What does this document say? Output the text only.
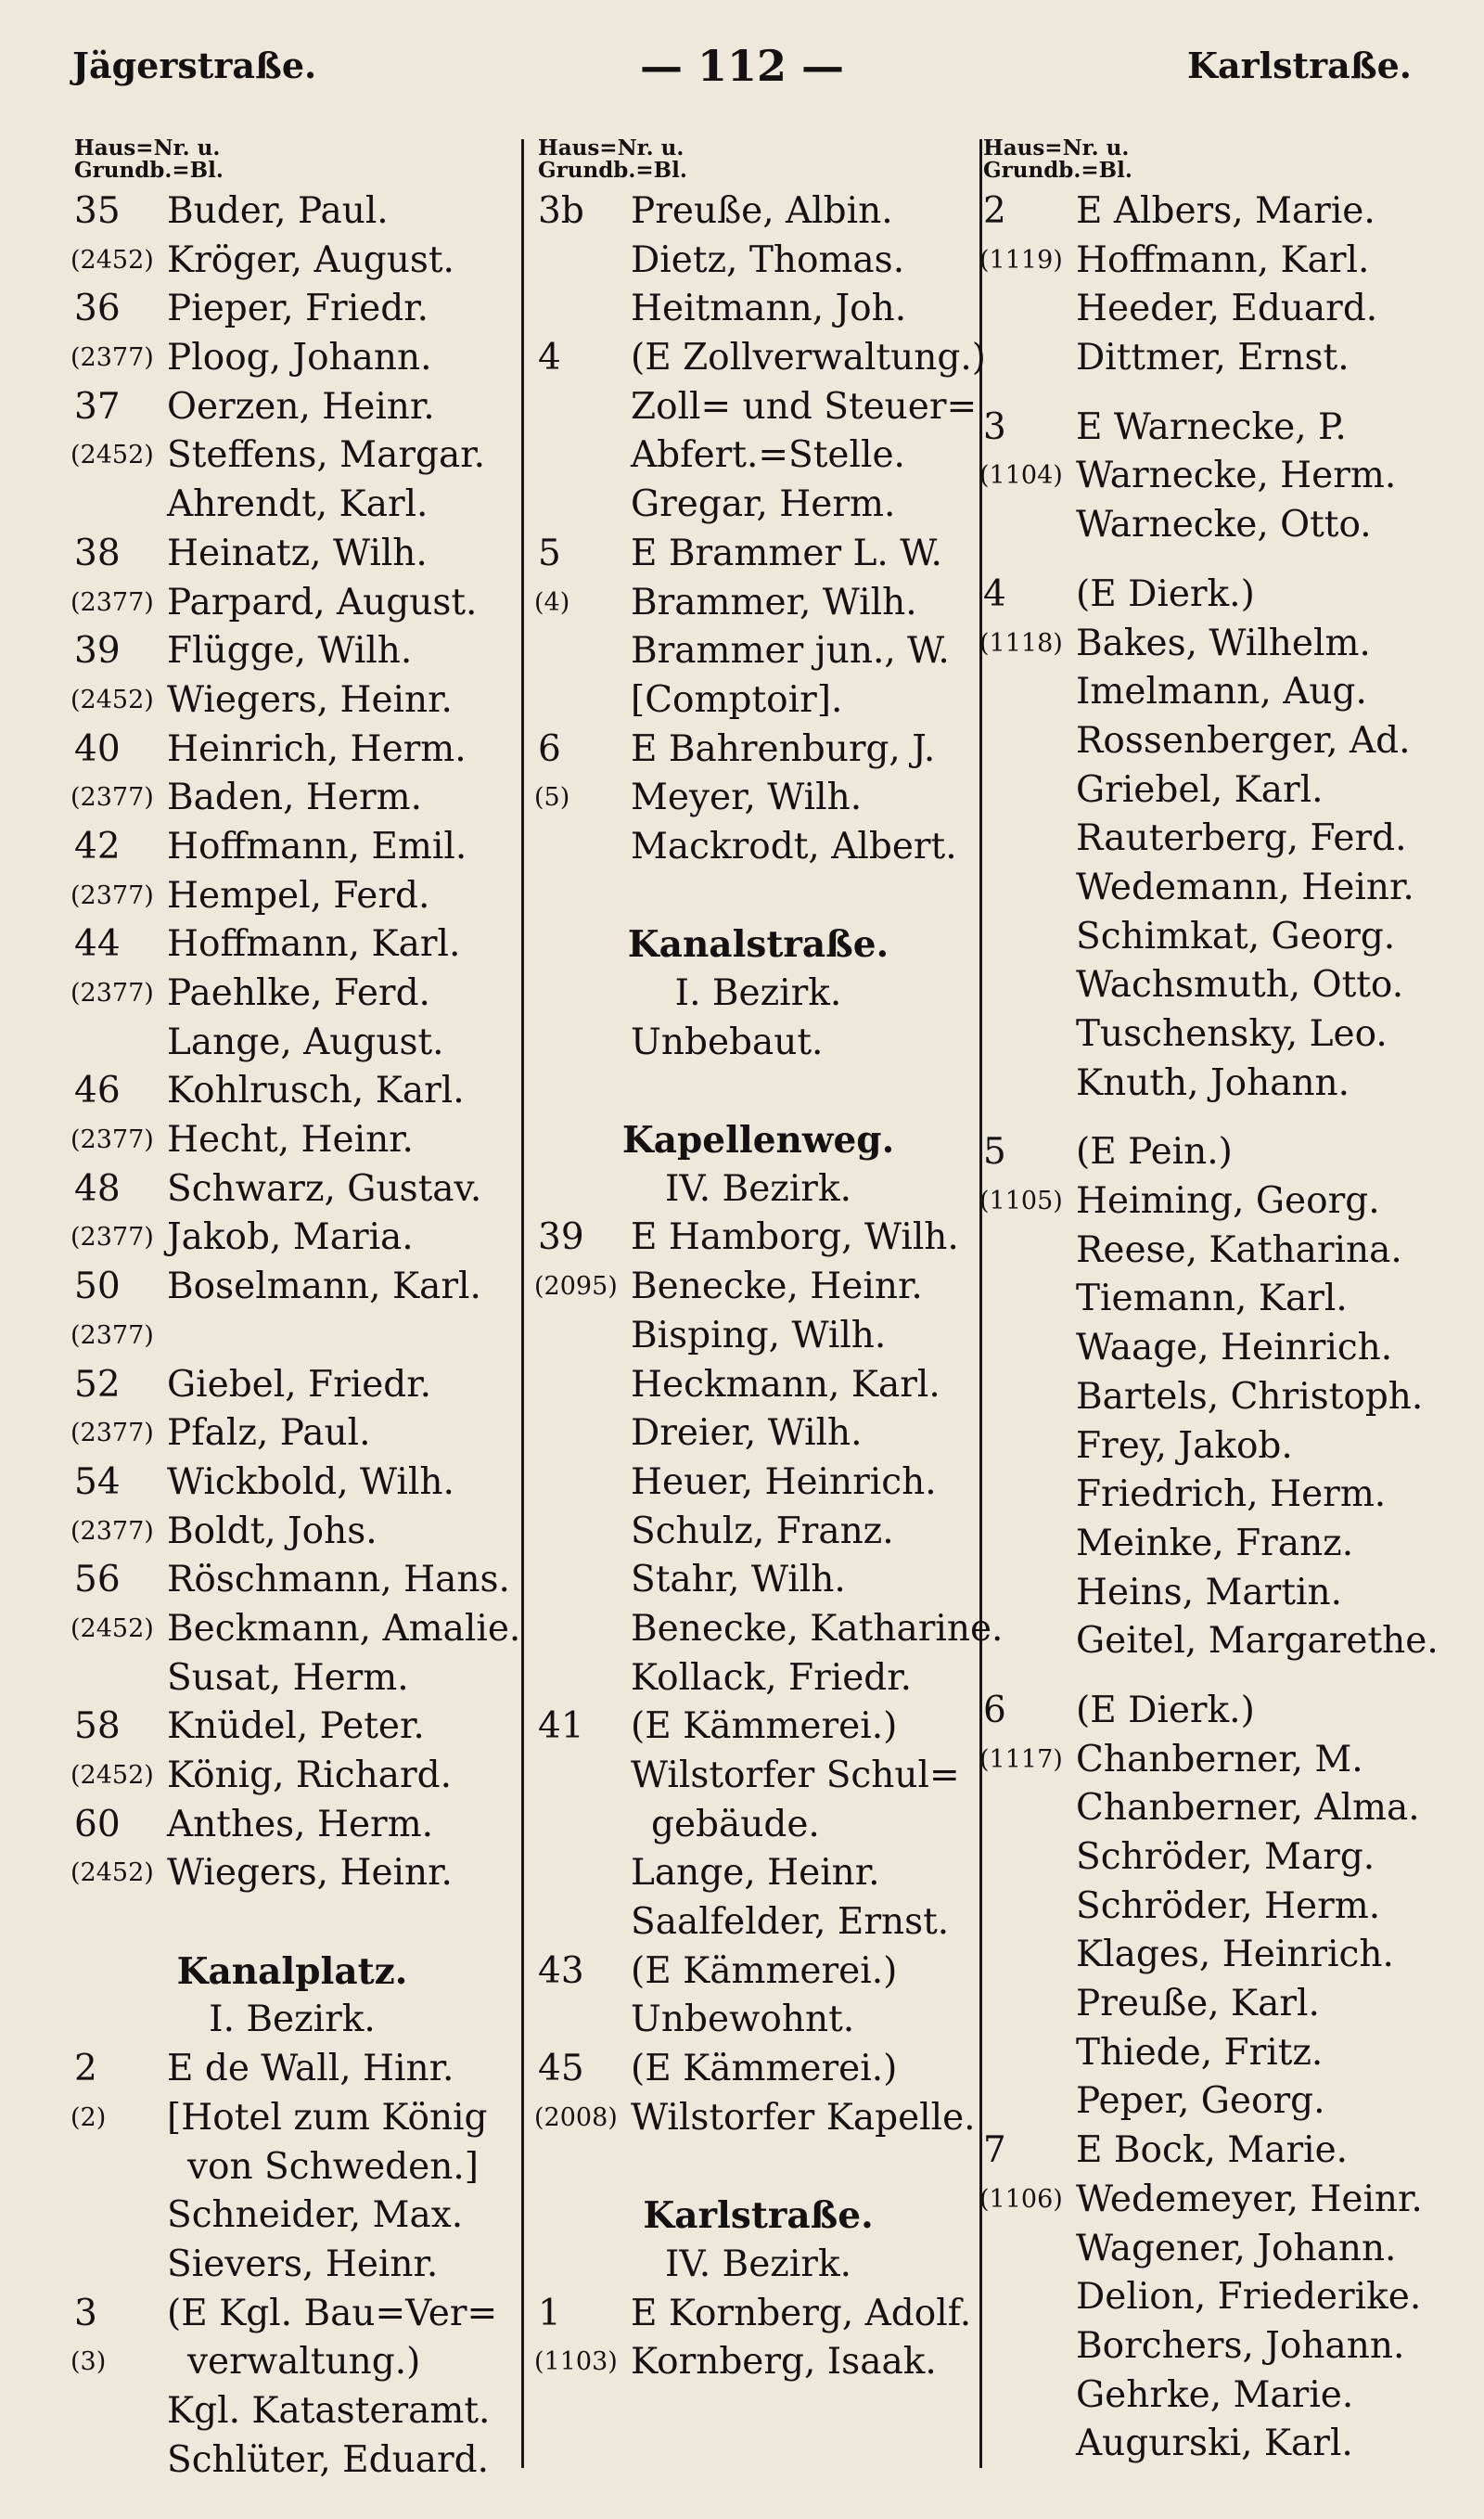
Jägerstraße.	— 112 —	Karlstraße.
Haus=Nr. u.
Grundb.=Bl.
35	Buder, Paul.
(2452) Kröger, August.
36	Pieper, Friedr.
(2377) Ploog, Johann.
37	Oerzen, Heinr.
(2452) Steffens, Margar.
Ahrendt, Karl.
38	Heinatz, Wilh.
(2377) Parpard, August.
39	Flügge, Wilh.
(2452) Wiegers, Heinr.
40	Heinrich, Herm.
(2377) Baden, Herm.
42	Hoffmann, Emil.
(2377) Hempel, Ferd.
44	Hoffmann, Karl.
(2377) Paehlke, Ferd.
Lange, August.
46	Kohlrusch, Karl.
(2377) Hecht, Heinr.
48	Schwarz, Gustav.
(2377) Jakob, Maria.
50	Boselmann, Karl.
(2377)
52	Giebel, Friedr.
(2377) Pfalz, Paul.
54	Wickbold, Wilh.
(2377) Boldt, Johs.
56	Röschmann, Hans.
(2452) Beckmann, Amalie.
Susat, Herm.
58	Knüdel, Peter.
(2452) König, Richard.
60	Anthes, Herm.
(2452) Wiegers, Heinr.
Kanalplatz.
I. Bezirk.
2	E de Wall, Hinr.
(2)	[Hotel zum König
von Schweden.]
Schneider, Max.
Sievers, Heinr.
3	(E Kgl. Bau=Ver=
(3)	verwaltung.)
Kgl. Katasteramt.
Schlüter, Eduard.
Haus=Nr. u.
Grundb.=Bl.
3b	Preuße, Albin.
Dietz, Thomas.
Heitmann, Joh.
4	(E Zollverwaltung.)
Zoll= und Steuer=
Abfert.=Stelle.
Gregar, Herm.
5	E Brammer L. W.
(4)	Brammer, Wilh.
Brammer jun., W.
[Comptoir].
6	E Bahrenburg, J.
(5)	Meyer, Wilh.
Mackrodt, Albert.
Kanalstraße.
I. Bezirk.
Unbebaut.
Kapellenweg.
IV. Bezirk.
39	E Hamborg, Wilh.
(2095) Benecke, Heinr.
Bisping, Wilh.
Heckmann, Karl.
Dreier, Wilh.
Heuer, Heinrich.
Schulz, Franz.
Stahr, Wilh.
Benecke, Katharine.
Kollack, Friedr.
41	(E Kämmerei.)
Wilstorfer Schul=
gebäude.
Lange, Heinr.
Saalfelder, Ernst.
43	(E Kämmerei.)
Unbewohnt.
45	(E Kämmerei.)
(2008) Wilstorfer Kapelle.
Karlstraße.
IV. Bezirk.
1	E Kornberg, Adolf.
(1103) Kornberg, Isaak.
Haus=Nr. u.
Grundb.=Bl.
2	E Albers, Marie.
(1119) Hoffmann, Karl.
Heeder, Eduard.
Dittmer, Ernst.
3	E Warnecke, P.
(1104) Warnecke, Herm.
Warnecke, Otto.
4	(E Dierk.)
(1118) Bakes, Wilhelm.
Imelmann, Aug.
Rossenberger, Ad.
Griebel, Karl.
Rauterberg, Ferd.
Wedemann, Heinr.
Schimkat, Georg.
Wachsmuth, Otto.
Tuschensky, Leo.
Knuth, Johann.
5	(E Pein.)
(1105) Heiming, Georg.
Reese, Katharina.
Tiemann, Karl.
Waage, Heinrich.
Bartels, Christoph.
Frey, Jakob.
Friedrich, Herm.
Meinke, Franz.
Heins, Martin.
Geitel, Margarethe.
6	(E Dierk.)
(1117) Chanberner, M.
Chanberner, Alma.
Schröder, Marg.
Schröder, Herm.
Klages, Heinrich.
Preuße, Karl.
Thiede, Fritz.
Peper, Georg.
7	E Bock, Marie.
(1106) Wedemeyer, Heinr.
Wagener, Johann.
Delion, Friederike.
Borchers, Johann.
Gehrke, Marie.
Augurski, Karl.
